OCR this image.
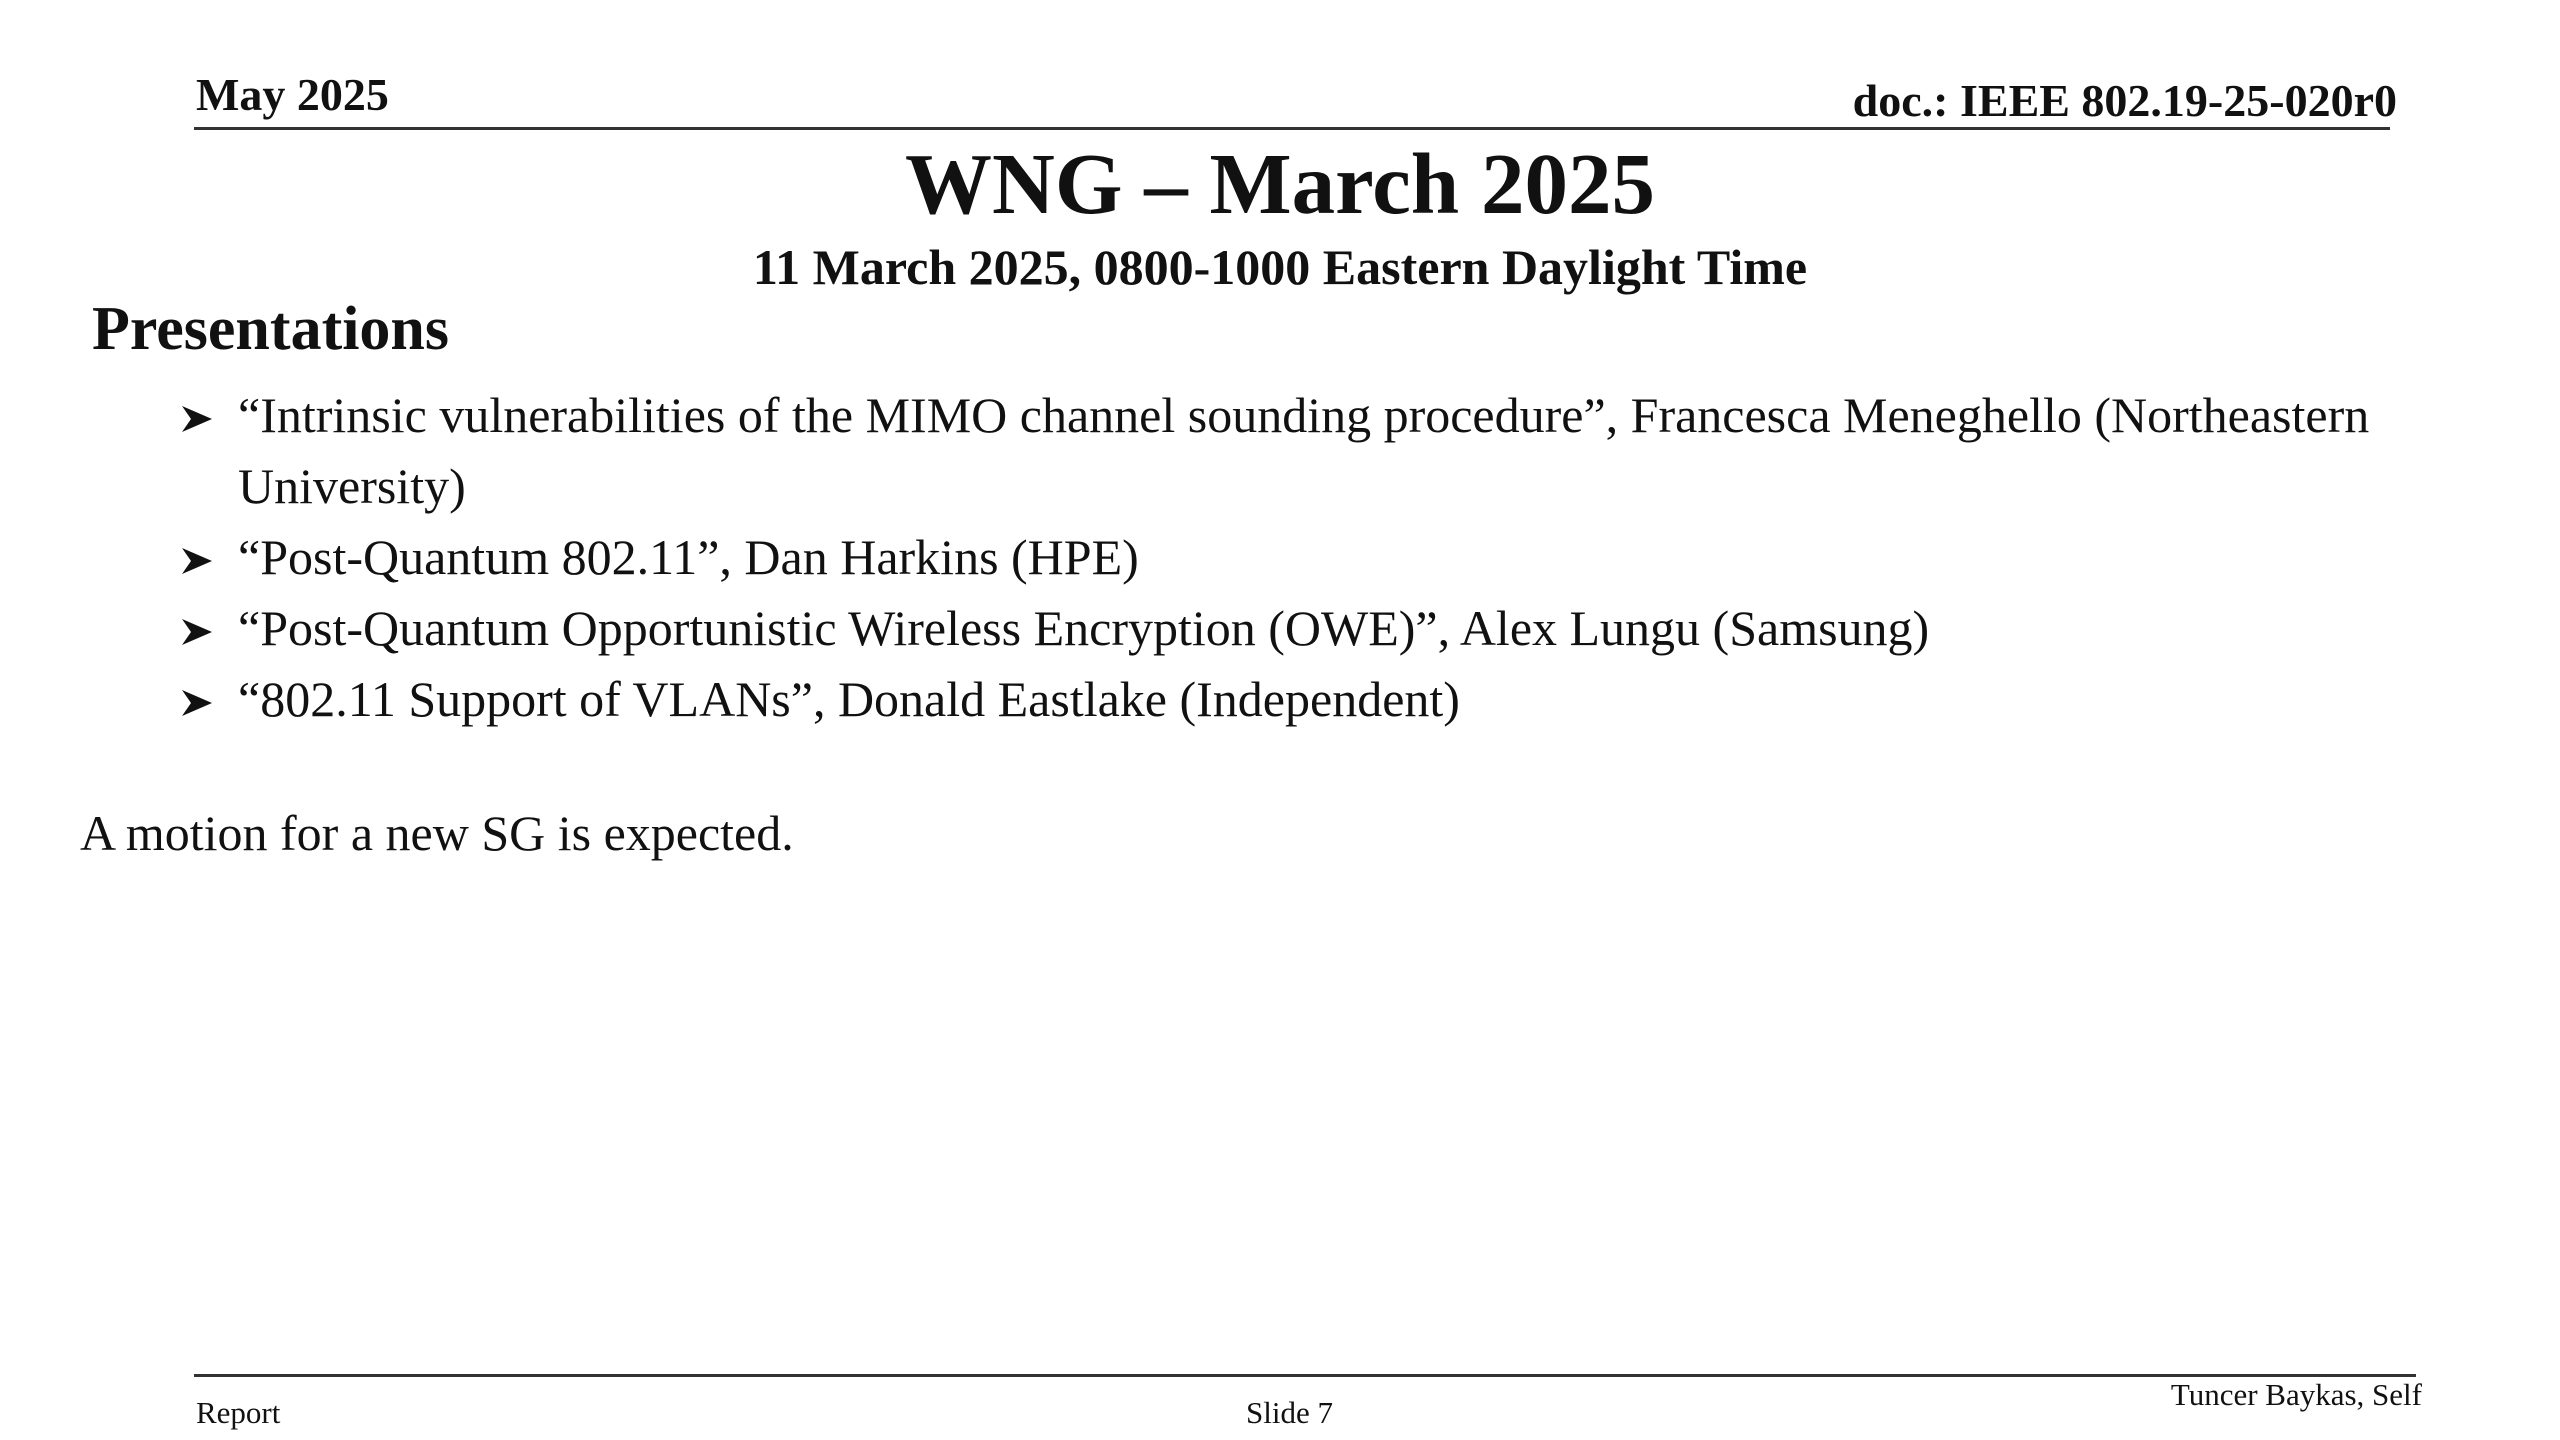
May 2025	doc.: IEEE 802.19-25-020r0
WNG – March 2025
11 March 2025, 0800-1000 Eastern Daylight Time
Presentations
“Intrinsic vulnerabilities of the MIMO channel sounding procedure”, Francesca Meneghello (Northeastern University)
“Post-Quantum 802.11”, Dan Harkins (HPE)
“Post-Quantum Opportunistic Wireless Encryption (OWE)”, Alex Lungu (Samsung)
“802.11 Support of VLANs”, Donald Eastlake (Independent)
A motion for a new SG is expected.
Report	Slide 7
Tuncer Baykas, Self
